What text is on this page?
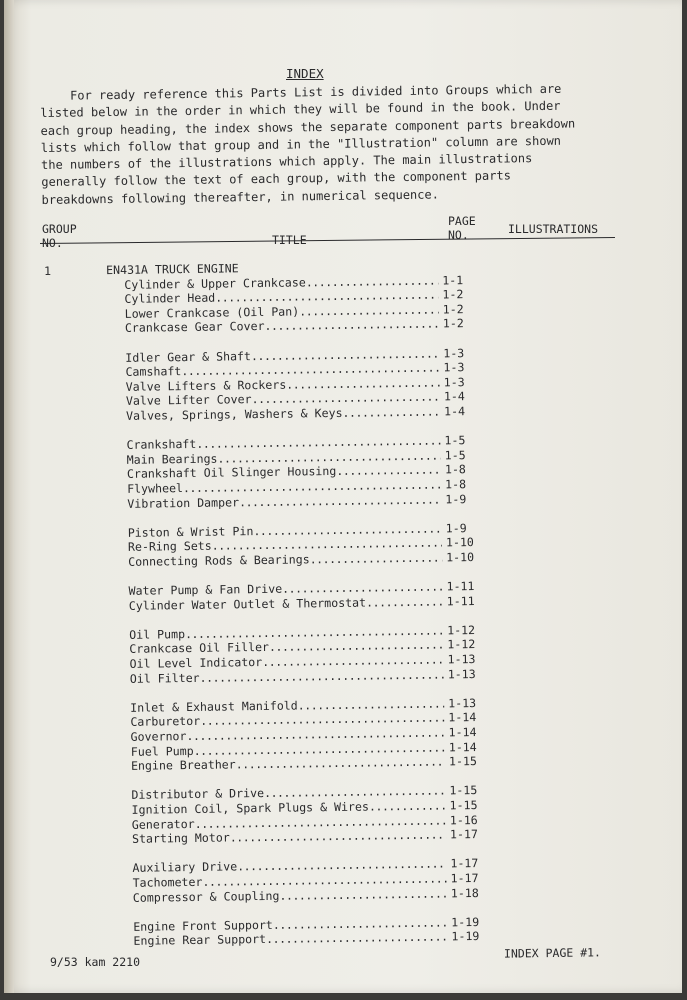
INDEX

For ready reference this Parts List is divided into Groups which are listed below in the order in which they will be found in the book. Under each group heading, the index shows the separate component parts breakdown lists which follow that group and in the "Illustration" column are shown the numbers of the illustrations which apply. The main illustrations generally follow the text of each group, with the component parts breakdowns following thereafter, in numerical sequence.

GROUP
NO.	TITLE
PAGE
NO.	ILLUSTRATIONS
1	EN431A TRUCK ENGINE
Cylinder & Upper Crankcase .....	1-1
Cylinder Head .....	1-2
Lower Crankcase (Oil Pan) .....	1-2
Crankcase Gear Cover .....	1-2
Idler Gear & Shaft .....	1-3
Camshaft .....	1-3
Valve Lifters & Rockers .....	1-3
Valve Lifter Cover .....	1-4
Valves, Springs, Washers & Keys .....	1-4
Crankshaft .....	1-5
Main Bearings .....	1-5
Crankshaft Oil Slinger Housing .....	1-8
Flywheel .....	1-8
Vibration Damper .....	1-9
Piston & Wrist Pin .....	1-9
Re-Ring Sets .....	1-10
Connecting Rods & Bearings .....	1-10
Water Pump & Fan Drive .....	1-11
Cylinder Water Outlet & Thermostat .....	1-11
Oil Pump .....	1-12
Crankcase Oil Filler .....	1-12
Oil Level Indicator .....	1-13
Oil Filter .....	1-13
Inlet & Exhaust Manifold .....	1-13
Carburetor .....	1-14
Governor .....	1-14
Fuel Pump .....	1-14
Engine Breather .....	1-15
Distributor & Drive .....	1-15
Ignition Coil, Spark Plugs & Wires .....	1-15
Generator .....	1-16
Starting Motor .....	1-17
Auxiliary Drive .....	1-17
Tachometer .....	1-17
Compressor & Coupling .....	1-18
Engine Front Support .....	1-19
Engine Rear Support .....	1-19
9/53 kam 2210
INDEX PAGE #1.
